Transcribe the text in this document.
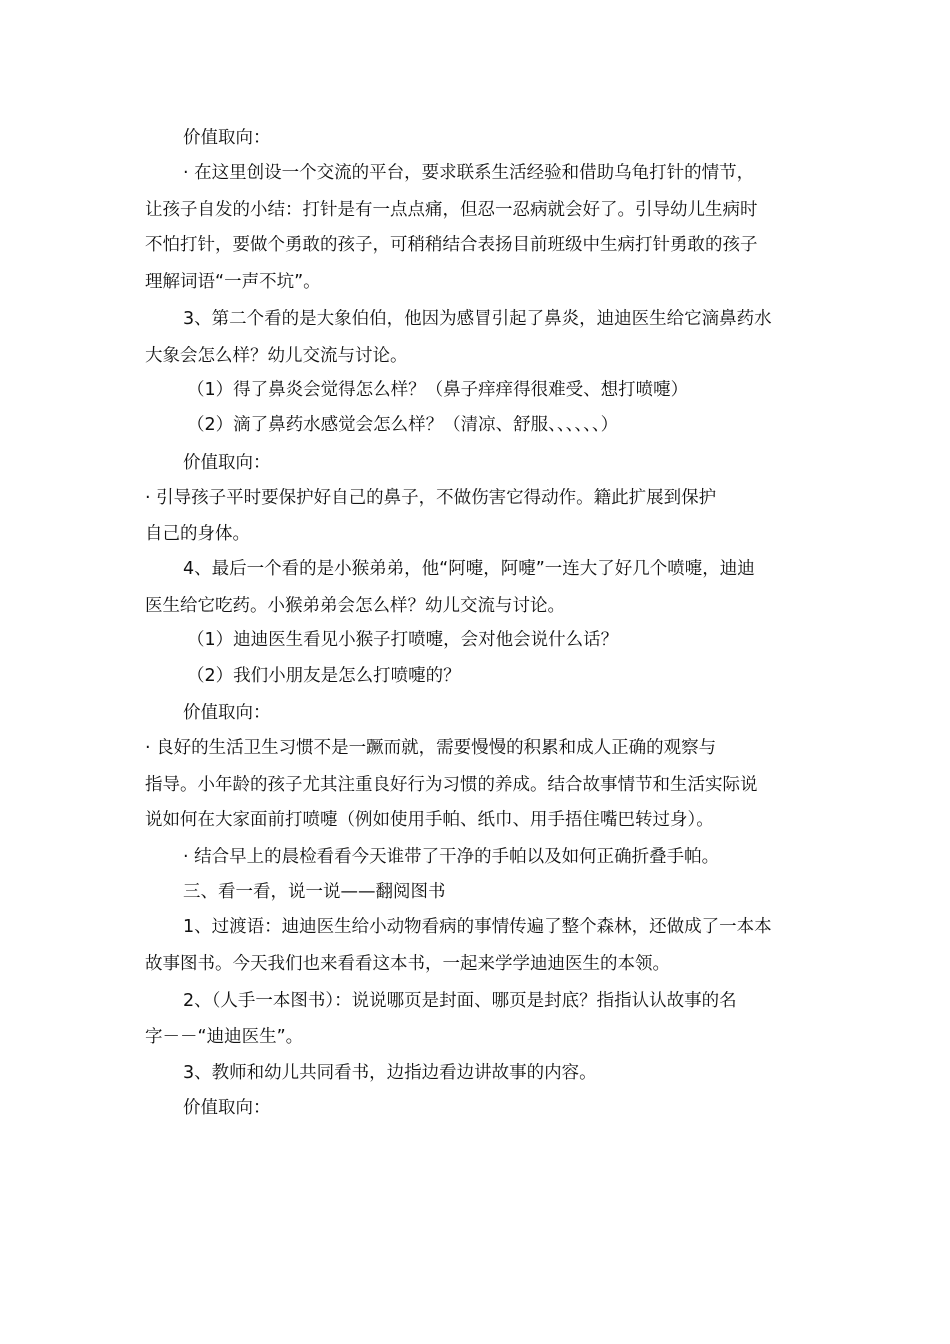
价值取向：
· 在这里创设一个交流的平台，要求联系生活经验和借助乌龟打针的情节，
让孩子自发的小结：打针是有一点点痛，但忍一忍病就会好了。引导幼儿生病时
不怕打针，要做个勇敢的孩子，可稍稍结合表扬目前班级中生病打针勇敢的孩子
理解词语“一声不坑”。
3、第二个看的是大象伯伯，他因为感冒引起了鼻炎，迪迪医生给它滴鼻药水
大象会怎么样？幼儿交流与讨论。
（1）得了鼻炎会觉得怎么样？（鼻子痒痒得很难受、想打喷嚏）
（2）滴了鼻药水感觉会怎么样？（清凉、舒服、、、、、、）
价值取向：
· 引导孩子平时要保护好自己的鼻子，不做伤害它得动作。籍此扩展到保护
自己的身体。
4、最后一个看的是小猴弟弟，他“阿嚏，阿嚏”一连大了好几个喷嚏，迪迪
医生给它吃药。小猴弟弟会怎么样？幼儿交流与讨论。
（1）迪迪医生看见小猴子打喷嚏，会对他会说什么话？
（2）我们小朋友是怎么打喷嚏的？
价值取向：
· 良好的生活卫生习惯不是一蹶而就，需要慢慢的积累和成人正确的观察与
指导。小年龄的孩子尤其注重良好行为习惯的养成。结合故事情节和生活实际说
说如何在大家面前打喷嚏（例如使用手帕、纸巾、用手捂住嘴巴转过身）。
· 结合早上的晨检看看今天谁带了干净的手帕以及如何正确折叠手帕。
三、看一看，说一说——翻阅图书
1、过渡语：迪迪医生给小动物看病的事情传遍了整个森林，还做成了一本本
故事图书。今天我们也来看看这本书，一起来学学迪迪医生的本领。
2、（人手一本图书）：说说哪页是封面、哪页是封底？指指认认故事的名
字－－“迪迪医生”。
3、教师和幼儿共同看书，边指边看边讲故事的内容。
价值取向：
